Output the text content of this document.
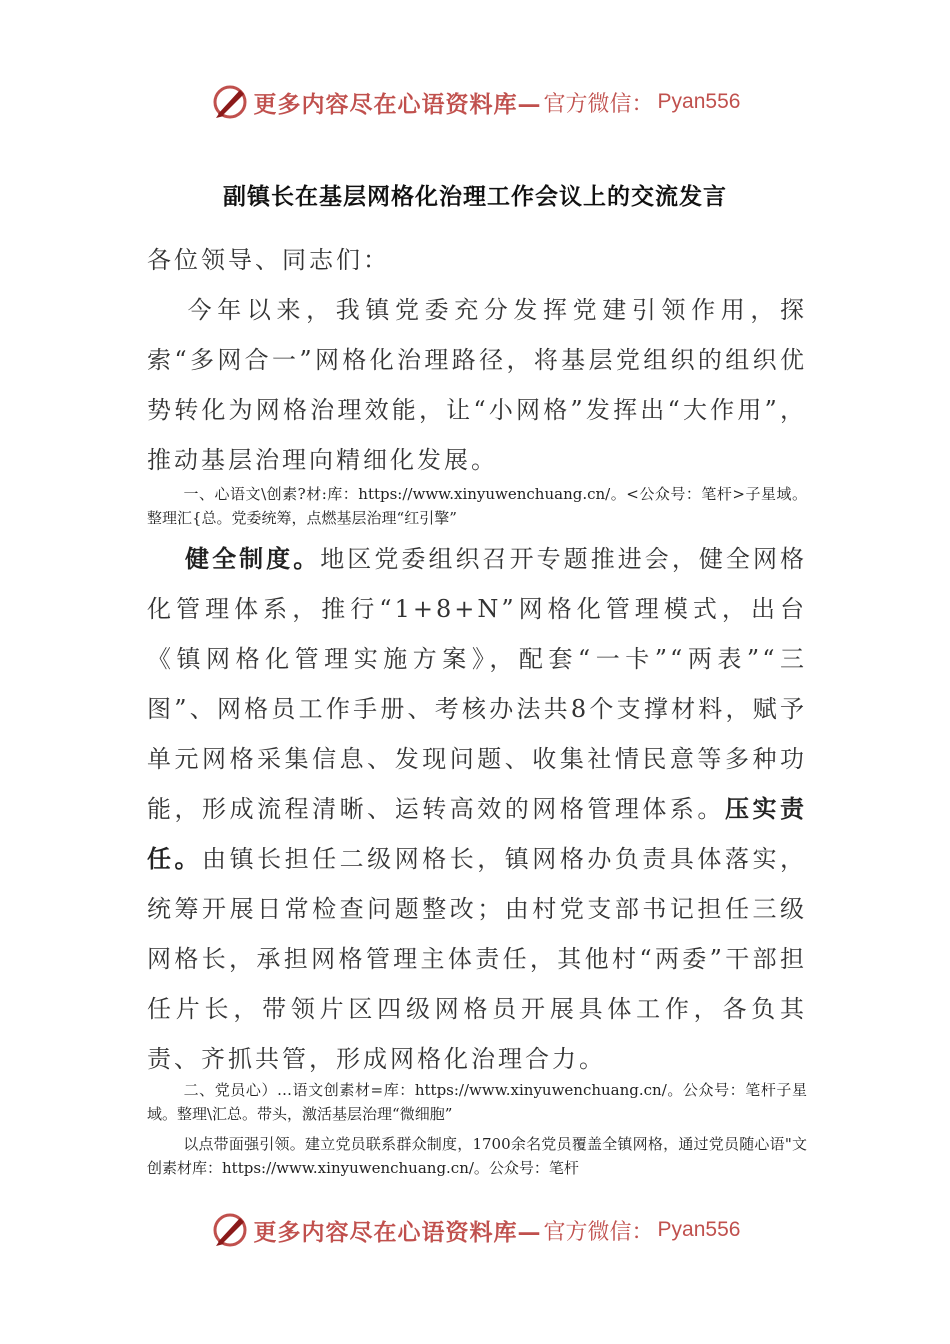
更多内容尽在心语资料库— 官方微信： Pyan556
副镇长在基层网格化治理工作会议上的交流发言
各位领导、同志们：
今年以来，我镇党委充分发挥党建引领作用，探索“多网合一”网格化治理路径，将基层党组织的组织优势转化为网格治理效能，让“小网格”发挥出“大作用”，推动基层治理向精细化发展。
一、心语文\创素?材:库：https://www.xinyuwenchuang.cn/。<公众号：笔杆>子星域。整理汇{总。党委统筹，点燃基层治理“红引擎”
健全制度。地区党委组织召开专题推进会，健全网格化管理体系，推行“1+8+N”网格化管理模式，出台《镇网格化管理实施方案》，配套“一卡”“两表”“三图”、网格员工作手册、考核办法共8个支撑材料，赋予单元网格采集信息、发现问题、收集社情民意等多种功能，形成流程清晰、运转高效的网格管理体系。压实责任。由镇长担任二级网格长，镇网格办负责具体落实，统筹开展日常检查问题整改；由村党支部书记担任三级网格长，承担网格管理主体责任，其他村“两委”干部担任片长，带领片区四级网格员开展具体工作，各负其责、齐抓共管，形成网格化治理合力。
二、党员心）…语文创素材=库：https://www.xinyuwenchuang.cn/。公众号：笔杆子星域。整理\汇总。带头，激活基层治理“微细胞”
以点带面强引领。建立党员联系群众制度，1700余名党员覆盖全镇网格，通过党员随心语"文创素材库：https://www.xinyuwenchuang.cn/。公众号：笔杆
更多内容尽在心语资料库— 官方微信： Pyan556
